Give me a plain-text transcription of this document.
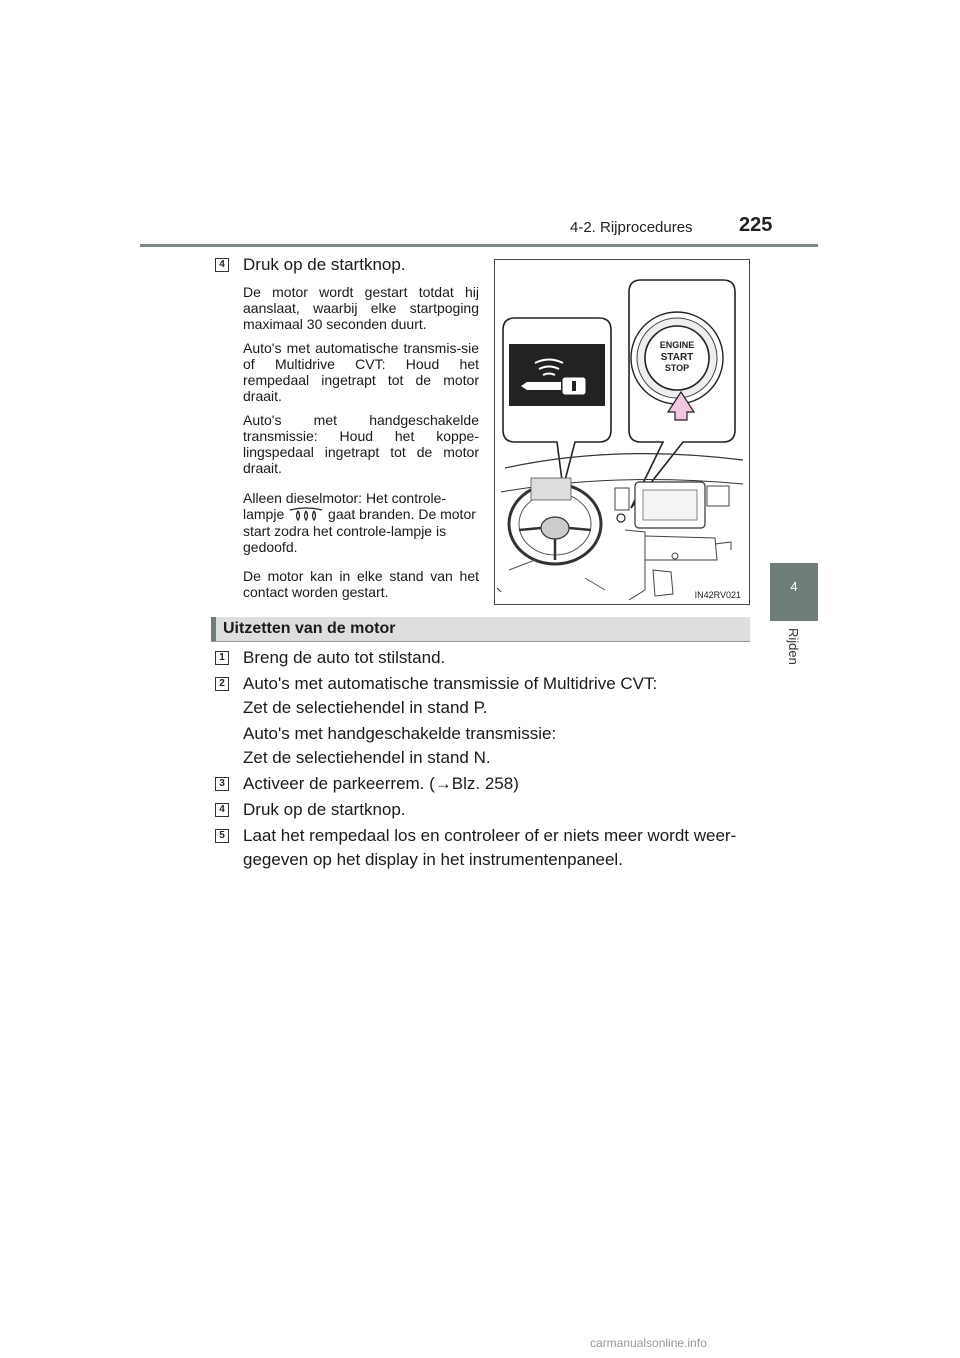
4-2. Rijprocedures 225
4
Rijden
4 Druk op de startknop.
De motor wordt gestart totdat hij aanslaat, waarbij elke startpoging maximaal 30 seconden duurt.
Auto's met automatische transmis-sie of Multidrive CVT: Houd het rempedaal ingetrapt tot de motor draait.
Auto's met handgeschakelde transmissie: Houd het koppe-lingspedaal ingetrapt tot de motor draait.
Alleen dieselmotor: Het controle-lampje	gaat branden. De motor start zodra het controle-lampje is gedoofd.
De motor kan in elke stand van het contact worden gestart.
ENGINE
START
STOP
IN42RV021
Uitzetten van de motor
1 Breng de auto tot stilstand.
2 Auto's met automatische transmissie of Multidrive CVT:
Zet de selectiehendel in stand P.
Auto's met handgeschakelde transmissie:
Zet de selectiehendel in stand N.
3 Activeer de parkeerrem. (→Blz. 258)
4 Druk op de startknop.
5 Laat het rempedaal los en controleer of er niets meer wordt weer-
gegeven op het display in het instrumentenpaneel.
carmanualsonline.info
